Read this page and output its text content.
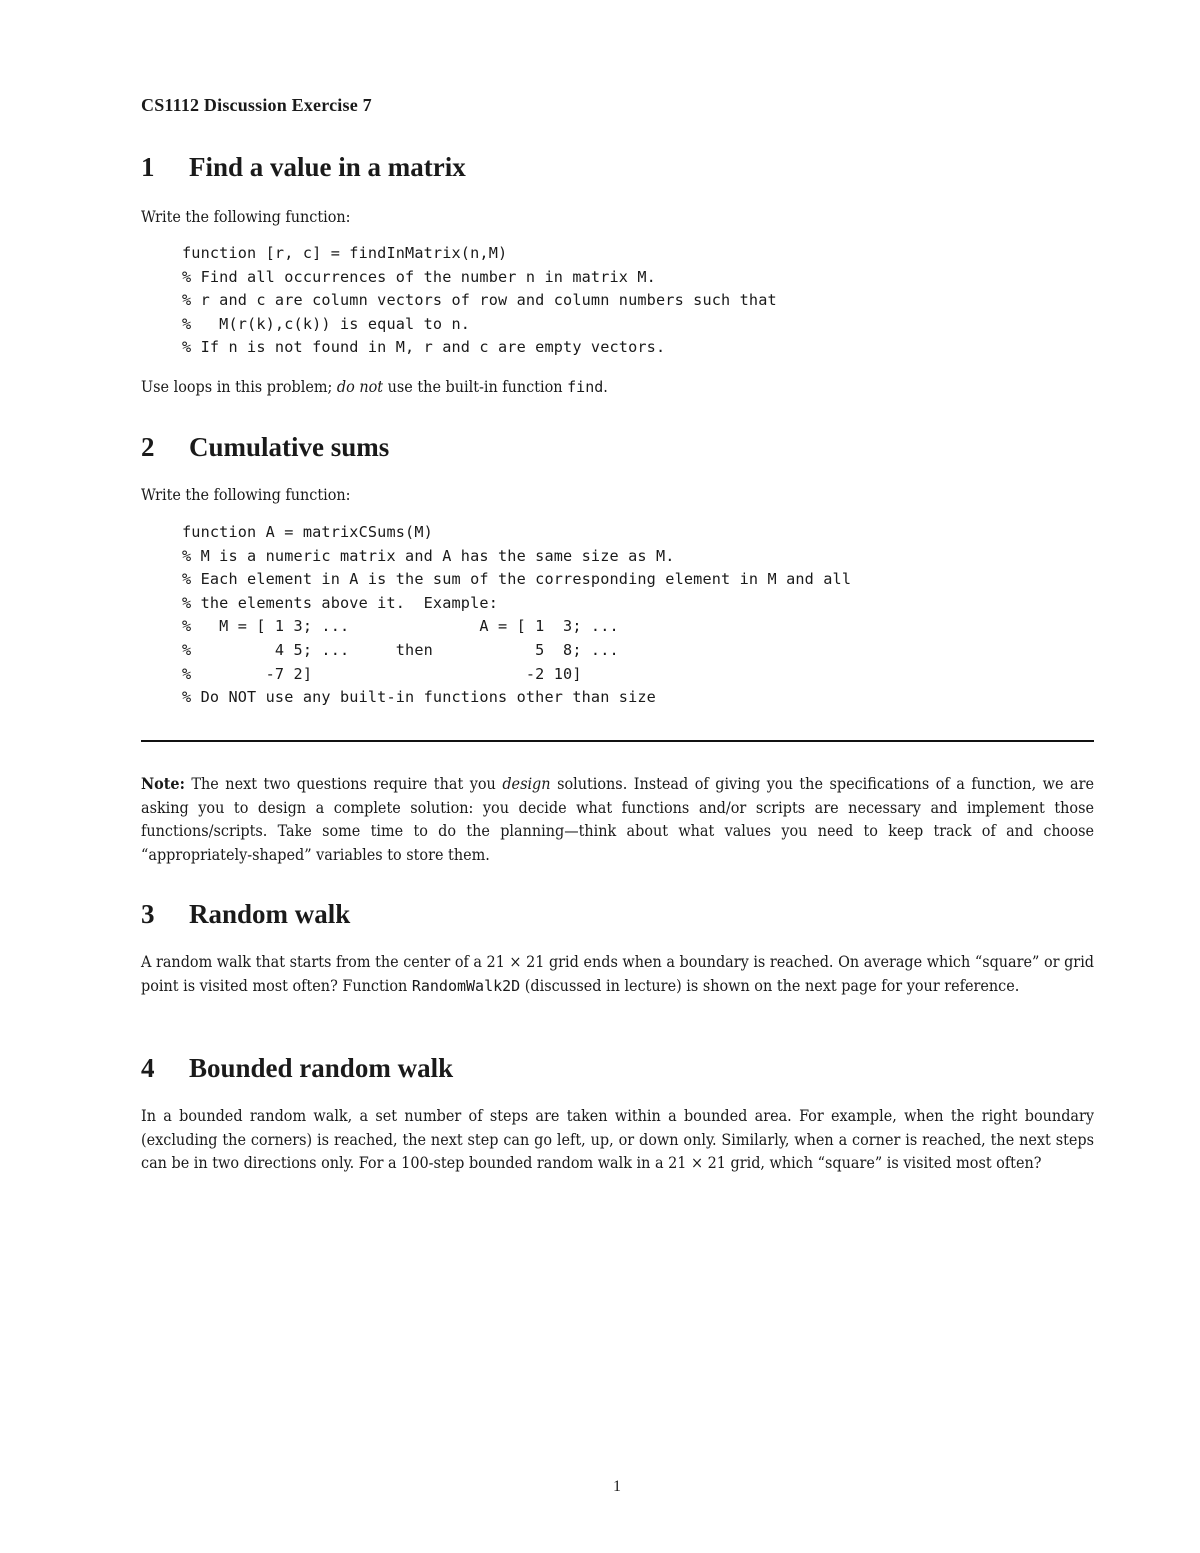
CS1112 Discussion Exercise 7
1 Find a value in a matrix

Write the following function:

function [r, c] = findInMatrix(n,M)
% Find all occurrences of the number n in matrix M.
% r and c are column vectors of row and column numbers such that
%   M(r(k),c(k)) is equal to n.
% If n is not found in M, r and c are empty vectors.

Use loops in this problem; do not use the built-in function find.

2 Cumulative sums

Write the following function:

function A = matrixCSums(M)
% M is a numeric matrix and A has the same size as M.
% Each element in A is the sum of the corresponding element in M and all
% the elements above it.  Example:
%   M = [ 1 3; ...              A = [ 1  3; ...
%         4 5; ...     then           5  8; ...
%        -7 2]                       -2 10]
% Do NOT use any built-in functions other than size

Note: The next two questions require that you design solutions. Instead of giving you the specifications of a function, we are asking you to design a complete solution: you decide what functions and/or scripts are necessary and implement those functions/scripts. Take some time to do the planning—think about what values you need to keep track of and choose “appropriately-shaped” variables to store them.

3 Random walk

A random walk that starts from the center of a 21 × 21 grid ends when a boundary is reached. On average which “square” or grid point is visited most often? Function RandomWalk2D (discussed in lecture) is shown on the next page for your reference.

4 Bounded random walk

In a bounded random walk, a set number of steps are taken within a bounded area. For example, when the right boundary (excluding the corners) is reached, the next step can go left, up, or down only. Similarly, when a corner is reached, the next steps can be in two directions only. For a 100-step bounded random walk in a 21 × 21 grid, which “square” is visited most often?

1
